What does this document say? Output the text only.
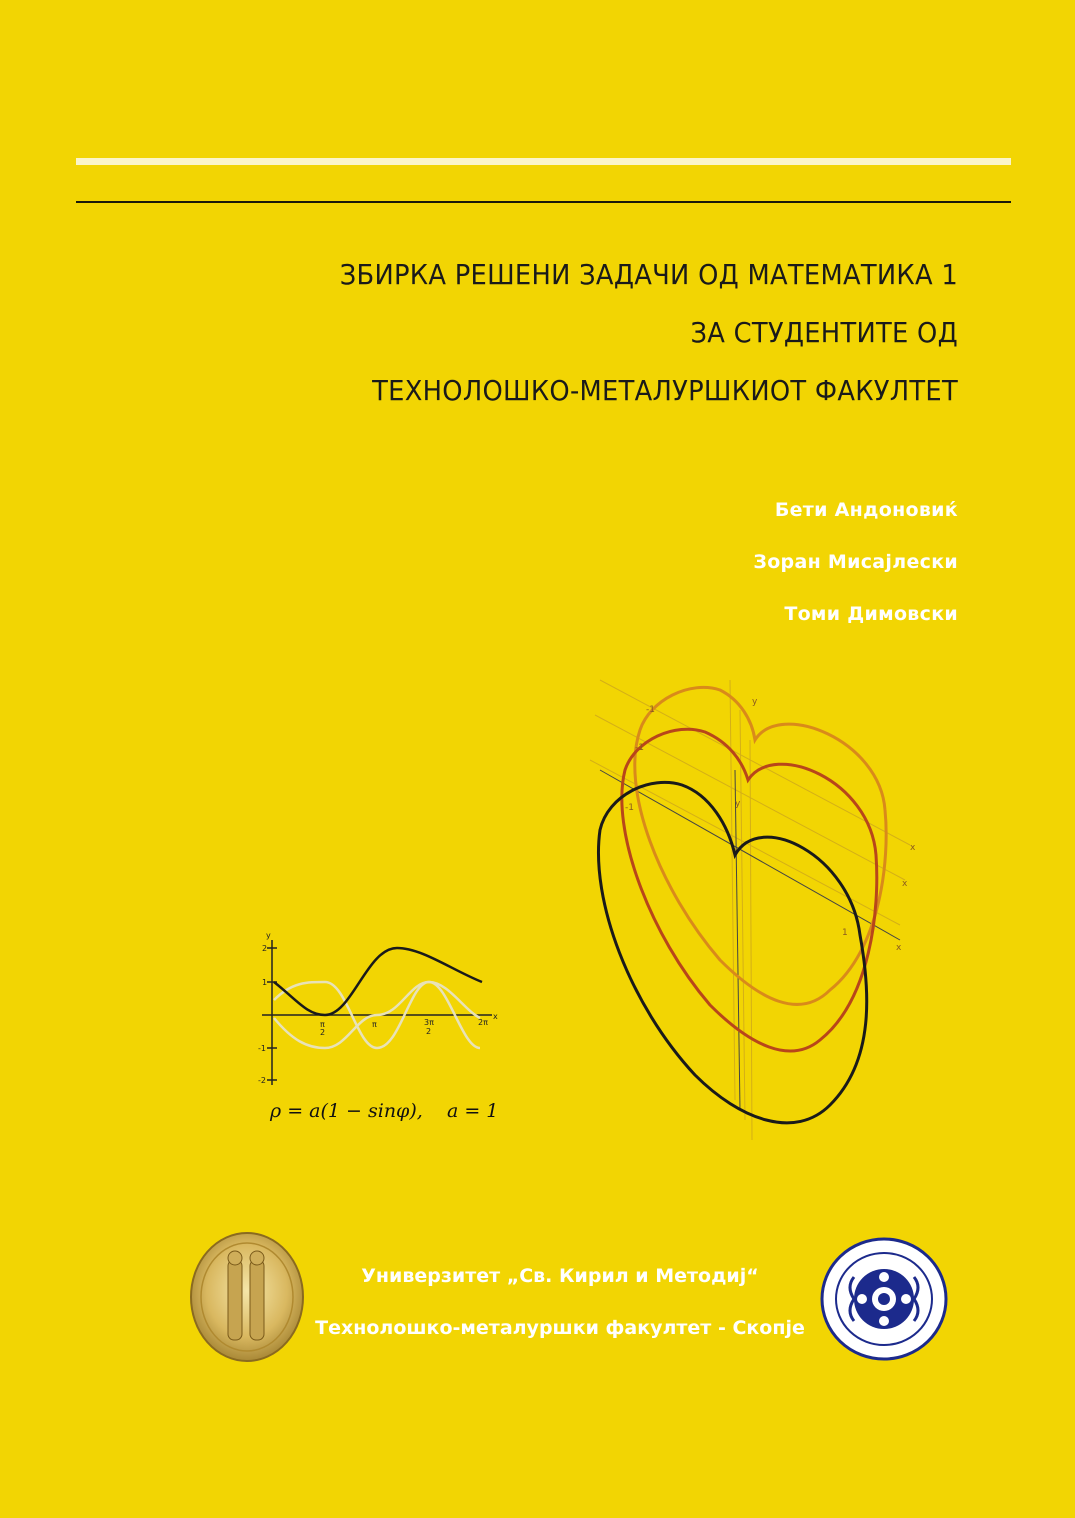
ЗБИРКА РЕШЕНИ ЗАДАЧИ ОД МАТЕМАТИКА 1
ЗА СТУДЕНТИТЕ ОД
ТЕХНОЛОШКО-МЕТАЛУРШКИОТ ФАКУЛТЕТ
Бети Андоновиќ
Зоран Мисајлески
Томи Димовски
y
2
1
-1
-2
x
π
2
π	3π
2
2π
ρ = a(1 − sinφ),    a = 1
y
y
-1
-1
-1
x
x
x
1
Универзитет „Св. Кирил и Методиј“
Технолошко-металуршки факултет - Скопје
